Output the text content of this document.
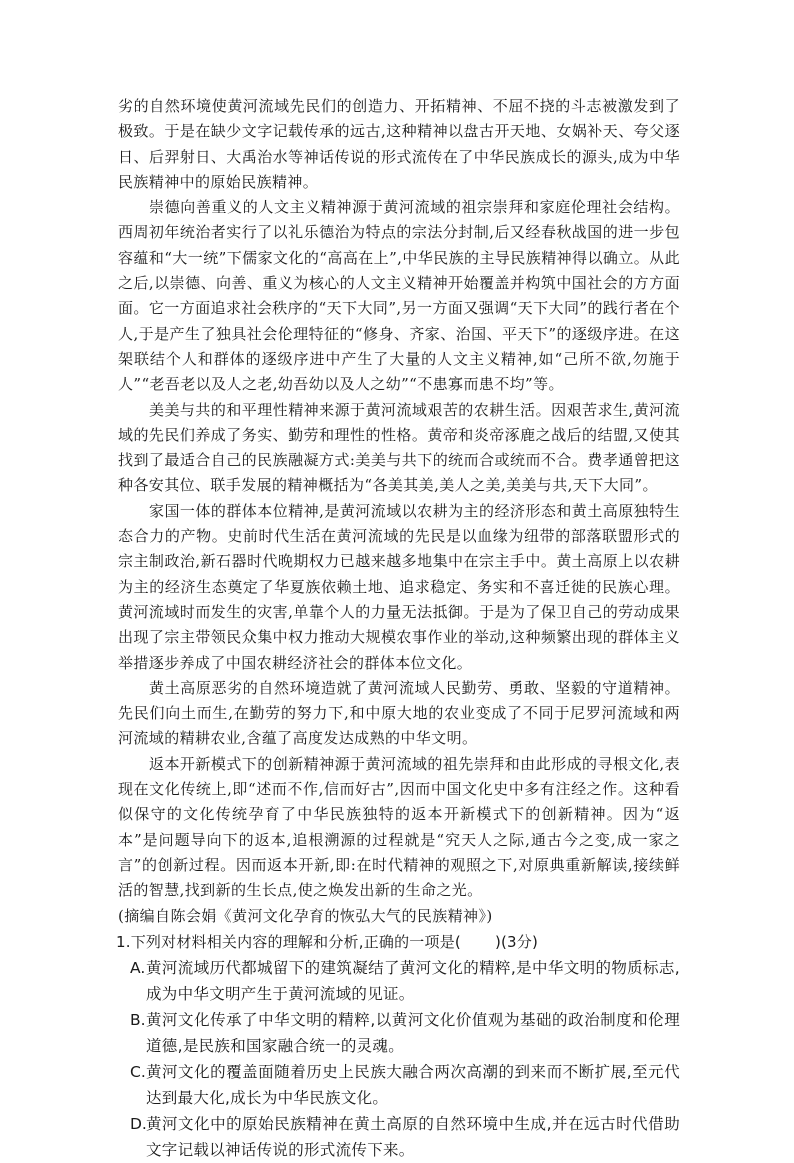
劣的自然环境使黄河流域先民们的创造力、开拓精神、不屈不挠的斗志被激发到了极致。于是在缺少文字记载传承的远古,这种精神以盘古开天地、女娲补天、夸父逐日、后羿射日、大禹治水等神话传说的形式流传在了中华民族成长的源头,成为中华民族精神中的原始民族精神。

崇德向善重义的人文主义精神源于黄河流域的祖宗崇拜和家庭伦理社会结构。西周初年统治者实行了以礼乐德治为特点的宗法分封制,后又经春秋战国的进一步包容蕴和“大一统”下儒家文化的“高高在上”,中华民族的主导民族精神得以确立。从此之后,以崇德、向善、重义为核心的人文主义精神开始覆盖并构筑中国社会的方方面面。它一方面追求社会秩序的“天下大同”,另一方面又强调“天下大同”的践行者在个人,于是产生了独具社会伦理特征的“修身、齐家、治国、平天下”的逐级序进。在这架联结个人和群体的逐级序进中产生了大量的人文主义精神,如“己所不欲,勿施于人”“老吾老以及人之老,幼吾幼以及人之幼”“不患寡而患不均”等。

美美与共的和平理性精神来源于黄河流域艰苦的农耕生活。因艰苦求生,黄河流域的先民们养成了务实、勤劳和理性的性格。黄帝和炎帝涿鹿之战后的结盟,又使其找到了最适合自己的民族融凝方式:美美与共下的统而合或统而不合。费孝通曾把这种各安其位、联手发展的精神概括为“各美其美,美人之美,美美与共,天下大同”。

家国一体的群体本位精神,是黄河流域以农耕为主的经济形态和黄土高原独特生态合力的产物。史前时代生活在黄河流域的先民是以血缘为纽带的部落联盟形式的宗主制政治,新石器时代晚期权力已越来越多地集中在宗主手中。黄土高原上以农耕为主的经济生态奠定了华夏族依赖土地、追求稳定、务实和不喜迁徙的民族心理。黄河流域时而发生的灾害,单靠个人的力量无法抵御。于是为了保卫自己的劳动成果出现了宗主带领民众集中权力推动大规模农事作业的举动,这种频繁出现的群体主义举措逐步养成了中国农耕经济社会的群体本位文化。

黄土高原恶劣的自然环境造就了黄河流域人民勤劳、勇敢、坚毅的守道精神。先民们向土而生,在勤劳的努力下,和中原大地的农业变成了不同于尼罗河流域和两河流域的精耕农业,含蕴了高度发达成熟的中华文明。

返本开新模式下的创新精神源于黄河流域的祖先崇拜和由此形成的寻根文化,表现在文化传统上,即“述而不作,信而好古”,因而中国文化史中多有注经之作。这种看似保守的文化传统孕育了中华民族独特的返本开新模式下的创新精神。因为“返本”是问题导向下的返本,追根溯源的过程就是“究天人之际,通古今之变,成一家之言”的创新过程。因而返本开新,即:在时代精神的观照之下,对原典重新解读,接续鲜活的智慧,找到新的生长点,使之焕发出新的生命之光。

(摘编自陈会娟《黄河文化孕育的恢弘大气的民族精神》)

1.下列对材料相关内容的理解和分析,正确的一项是( )(3分)
A. 黄河流域历代都城留下的建筑凝结了黄河文化的精粹,是中华文明的物质标志,成为中华文明产生于黄河流域的见证。
B. 黄河文化传承了中华文明的精粹,以黄河文化价值观为基础的政治制度和伦理道德,是民族和国家融合统一的灵魂。
C. 黄河文化的覆盖面随着历史上民族大融合两次高潮的到来而不断扩展,至元代达到最大化,成长为中华民族文化。
D. 黄河文化中的原始民族精神在黄土高原的自然环境中生成,并在远古时代借助文字记载以神话传说的形式流传下来。
